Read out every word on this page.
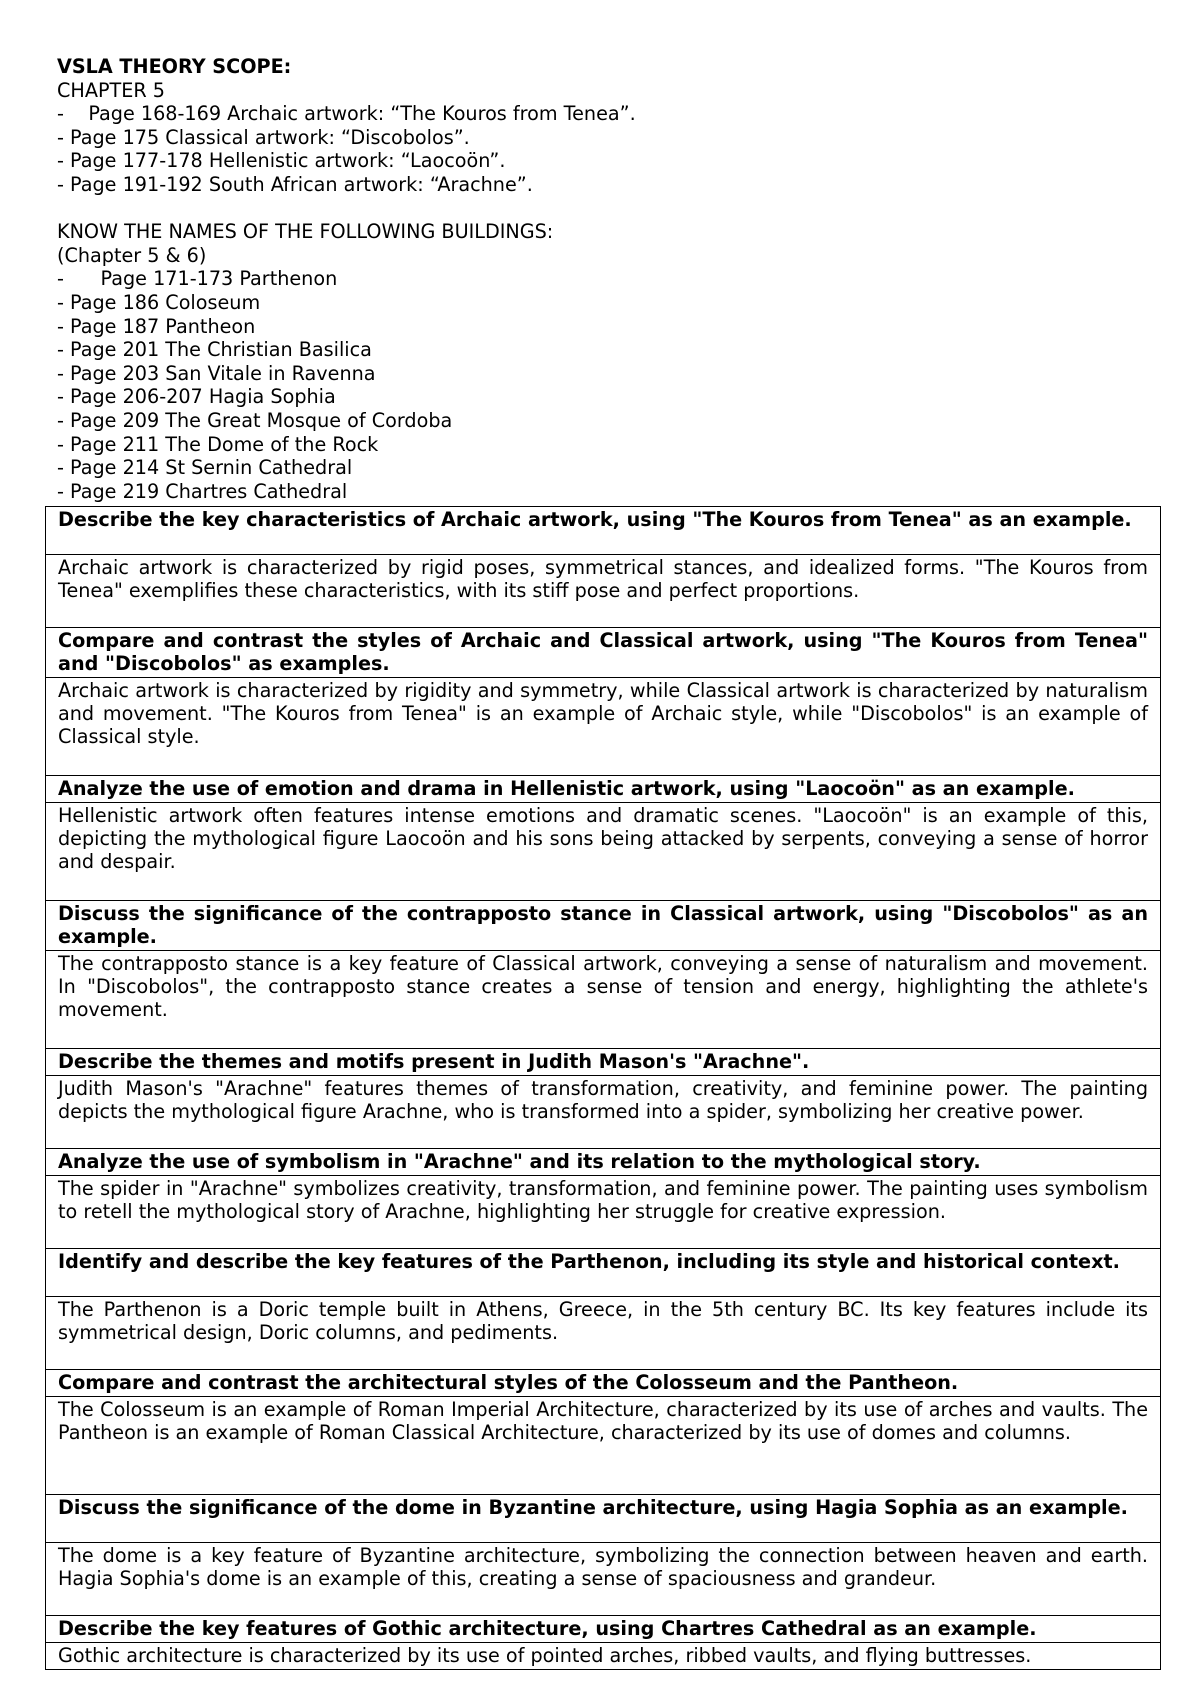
VSLA THEORY SCOPE:
CHAPTER 5
-    Page 168-169 Archaic artwork: “The Kouros from Tenea”.
- Page 175 Classical artwork: “Discobolos”.
- Page 177-178 Hellenistic artwork: “Laocoön”.
- Page 191-192 South African artwork: “Arachne”.
KNOW THE NAMES OF THE FOLLOWING BUILDINGS:
(Chapter 5 & 6)
-      Page 171-173 Parthenon
- Page 186 Coloseum
- Page 187 Pantheon
- Page 201 The Christian Basilica
- Page 203 San Vitale in Ravenna
- Page 206-207 Hagia Sophia
- Page 209 The Great Mosque of Cordoba
- Page 211 The Dome of the Rock
- Page 214 St Sernin Cathedral
- Page 219 Chartres Cathedral
Describe the key characteristics of Archaic artwork, using "The Kouros from Tenea" as an example.
Archaic artwork is characterized by rigid poses, symmetrical stances, and idealized forms. "The Kouros from Tenea" exemplifies these characteristics, with its stiff pose and perfect proportions.
Compare and contrast the styles of Archaic and Classical artwork, using "The Kouros from Tenea" and "Discobolos" as examples.
Archaic artwork is characterized by rigidity and symmetry, while Classical artwork is characterized by naturalism and movement. "The Kouros from Tenea" is an example of Archaic style, while "Discobolos" is an example of Classical style.
Analyze the use of emotion and drama in Hellenistic artwork, using "Laocoön" as an example.
Hellenistic artwork often features intense emotions and dramatic scenes. "Laocoön" is an example of this, depicting the mythological figure Laocoön and his sons being attacked by serpents, conveying a sense of horror and despair.
Discuss the significance of the contrapposto stance in Classical artwork, using "Discobolos" as an example.
The contrapposto stance is a key feature of Classical artwork, conveying a sense of naturalism and movement. In "Discobolos", the contrapposto stance creates a sense of tension and energy, highlighting the athlete's movement.
Describe the themes and motifs present in Judith Mason's "Arachne".
Judith Mason's "Arachne" features themes of transformation, creativity, and feminine power. The painting depicts the mythological figure Arachne, who is transformed into a spider, symbolizing her creative power.
Analyze the use of symbolism in "Arachne" and its relation to the mythological story.
The spider in "Arachne" symbolizes creativity, transformation, and feminine power. The painting uses symbolism to retell the mythological story of Arachne, highlighting her struggle for creative expression.
Identify and describe the key features of the Parthenon, including its style and historical context.
The Parthenon is a Doric temple built in Athens, Greece, in the 5th century BC. Its key features include its symmetrical design, Doric columns, and pediments.
Compare and contrast the architectural styles of the Colosseum and the Pantheon.
The Colosseum is an example of Roman Imperial Architecture, characterized by its use of arches and vaults. The Pantheon is an example of Roman Classical Architecture, characterized by its use of domes and columns.
Discuss the significance of the dome in Byzantine architecture, using Hagia Sophia as an example.
The dome is a key feature of Byzantine architecture, symbolizing the connection between heaven and earth. Hagia Sophia's dome is an example of this, creating a sense of spaciousness and grandeur.
Describe the key features of Gothic architecture, using Chartres Cathedral as an example.
Gothic architecture is characterized by its use of pointed arches, ribbed vaults, and flying buttresses.
